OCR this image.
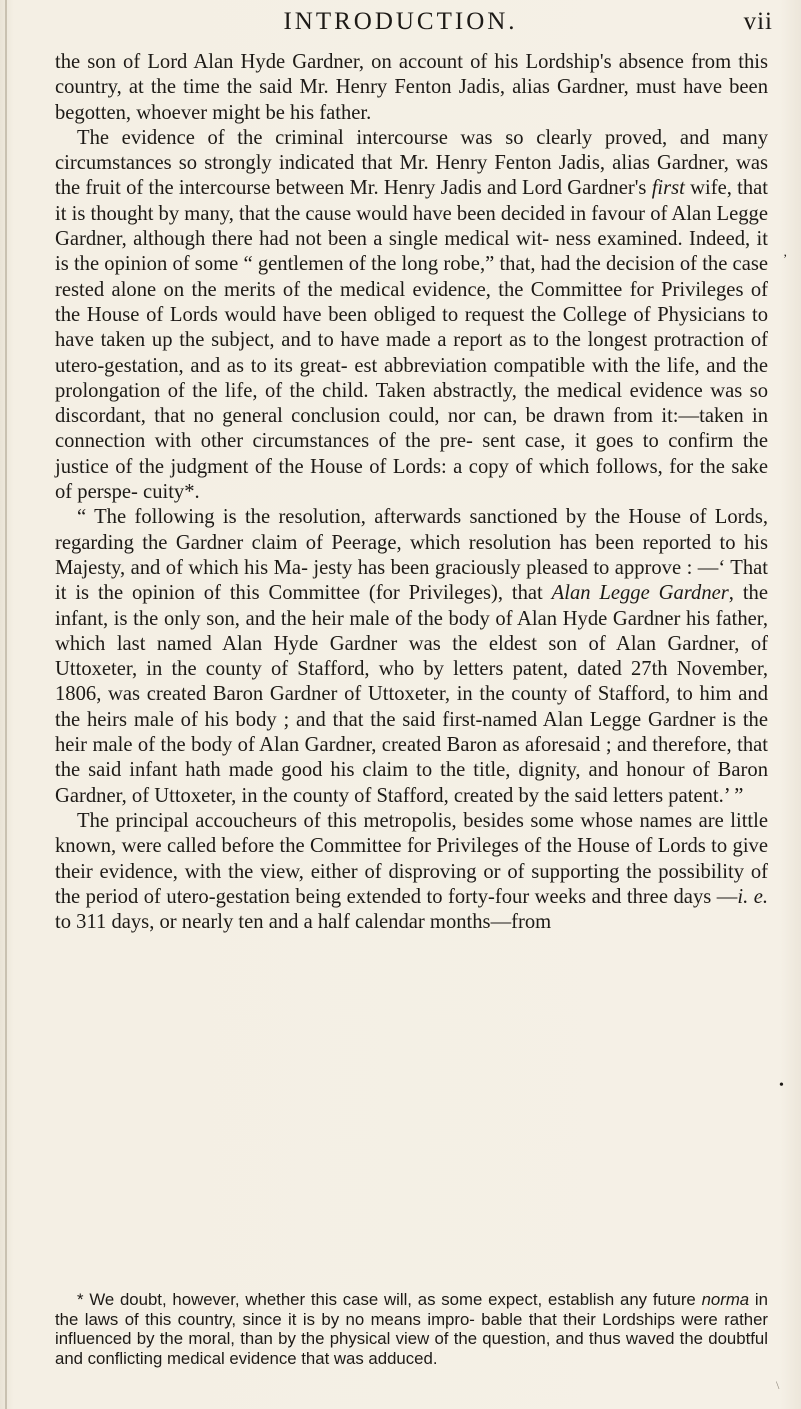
INTRODUCTION.	vii

the son of Lord Alan Hyde Gardner, on account of his Lordship's absence from this country, at the time the said Mr. Henry Fenton Jadis, alias Gardner, must have been begotten, whoever might be his father.

The evidence of the criminal intercourse was so clearly proved, and many circumstances so strongly indicated that Mr. Henry Fenton Jadis, alias Gardner, was the fruit of the intercourse between Mr. Henry Jadis and Lord Gardner's first wife, that it is thought by many, that the cause would have been decided in favour of Alan Legge Gardner, although there had not been a single medical wit- ness examined. Indeed, it is the opinion of some “ gentlemen of the long robe,” that, had the decision of the case rested alone on the merits of the medical evidence, the Committee for Privileges of the House of Lords would have been obliged to request the College of Physicians to have taken up the subject, and to have made a report as to the longest protraction of utero-gestation, and as to its great- est abbreviation compatible with the life, and the prolongation of the life, of the child. Taken abstractly, the medical evidence was so discordant, that no general conclusion could, nor can, be drawn from it:—taken in connection with other circumstances of the pre- sent case, it goes to confirm the justice of the judgment of the House of Lords: a copy of which follows, for the sake of perspe- cuity*.

“ The following is the resolution, afterwards sanctioned by the House of Lords, regarding the Gardner claim of Peerage, which resolution has been reported to his Majesty, and of which his Ma- jesty has been graciously pleased to approve : —‘ That it is the opinion of this Committee (for Privileges), that Alan Legge Gardner, the infant, is the only son, and the heir male of the body of Alan Hyde Gardner his father, which last named Alan Hyde Gardner was the eldest son of Alan Gardner, of Uttoxeter, in the county of Stafford, who by letters patent, dated 27th November, 1806, was created Baron Gardner of Uttoxeter, in the county of Stafford, to him and the heirs male of his body ; and that the said first-named Alan Legge Gardner is the heir male of the body of Alan Gardner, created Baron as aforesaid ; and therefore, that the said infant hath made good his claim to the title, dignity, and honour of Baron Gardner, of Uttoxeter, in the county of Stafford, created by the said letters patent.’ ”

The principal accoucheurs of this metropolis, besides some whose names are little known, were called before the Committee for Privileges of the House of Lords to give their evidence, with the view, either of disproving or of supporting the possibility of the period of utero-gestation being extended to forty-four weeks and three days —i. e. to 311 days, or nearly ten and a half calendar months—from

* We doubt, however, whether this case will, as some expect, establish any future norma in the laws of this country, since it is by no means impro- bable that their Lordships were rather influenced by the moral, than by the physical view of the question, and thus waved the doubtful and conflicting medical evidence that was adduced.

•
‚
\
